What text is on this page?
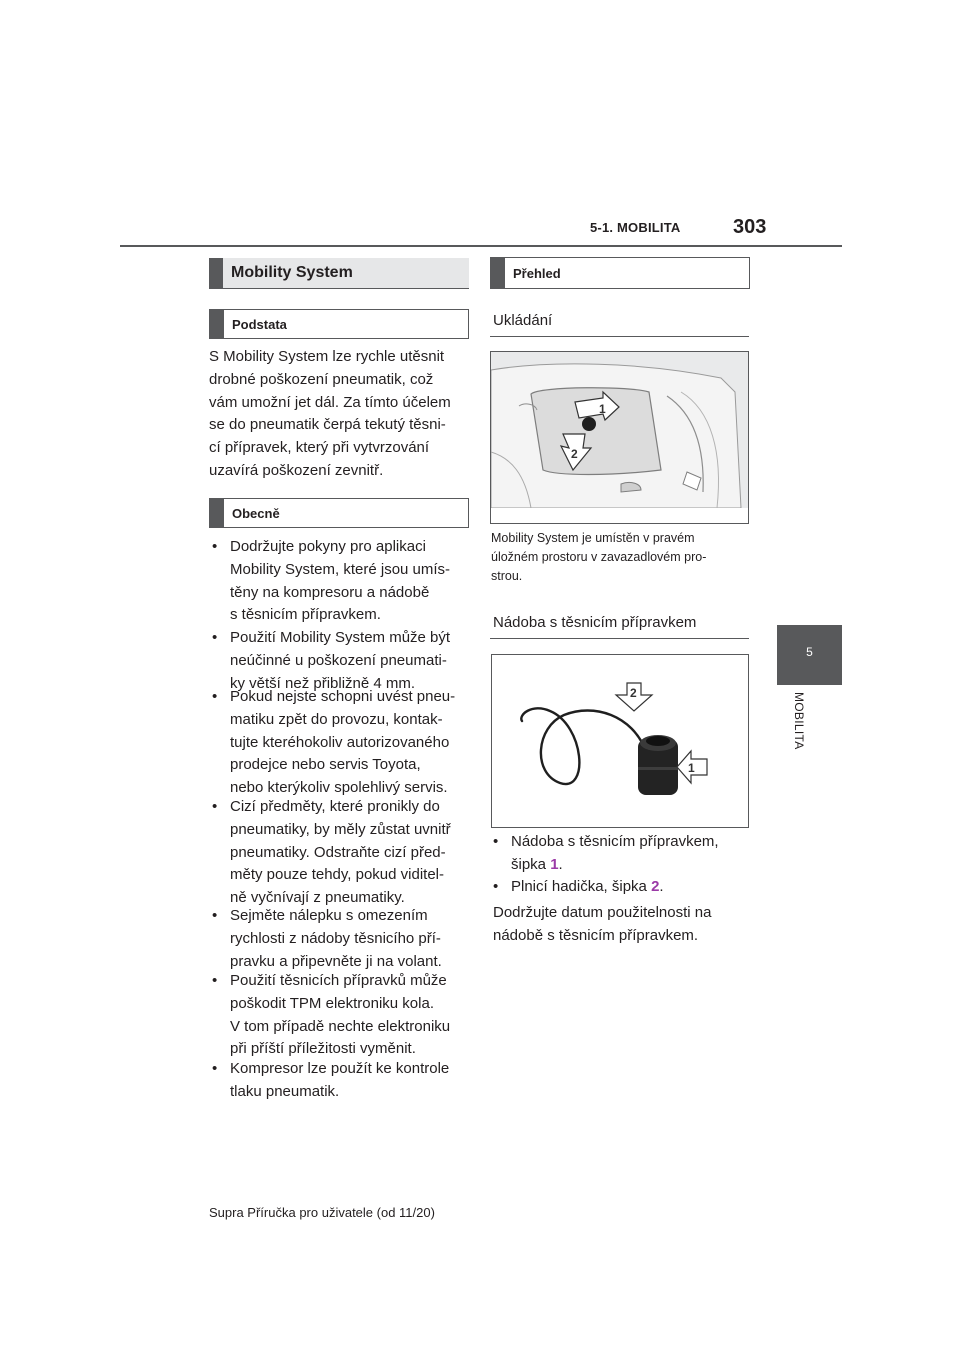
5-1. MOBILITA	303
5
MOBILITA
Mobility System
Podstata
S Mobility System lze rychle utěsnit
drobné poškození pneumatik, což
vám umožní jet dál. Za tímto účelem
se do pneumatik čerpá tekutý těsni-
cí přípravek, který při vytvrzování
uzavírá poškození zevnitř.
Obecně
• Dodržujte pokyny pro aplikaci
Mobility System, které jsou umís-
těny na kompresoru a nádobě
s těsnicím přípravkem.
• Použití Mobility System může být
neúčinné u poškození pneumati-
ky větší než přibližně 4 mm.
• Pokud nejste schopni uvést pneu-
matiku zpět do provozu, kontak-
tujte kteréhokoliv autorizovaného
prodejce nebo servis Toyota,
nebo kterýkoliv spolehlivý servis.
• Cizí předměty, které pronikly do
pneumatiky, by měly zůstat uvnitř
pneumatiky. Odstraňte cizí před-
měty pouze tehdy, pokud viditel-
ně vyčnívají z pneumatiky.
• Sejměte nálepku s omezením
rychlosti z nádoby těsnicího pří-
pravku a připevněte ji na volant.
• Použití těsnicích přípravků může
poškodit TPM elektroniku kola.
V tom případě nechte elektroniku
při příští příležitosti vyměnit.
• Kompresor lze použít ke kontrole
tlaku pneumatik.
Přehled
Ukládání
1
2
Mobility System je umístěn v pravém
úložném prostoru v zavazadlovém pro-
strou.
Nádoba s těsnicím přípravkem
2
1
• Nádoba s těsnicím přípravkem,
šipka 1.
• Plnicí hadička, šipka 2.
Dodržujte datum použitelnosti na
nádobě s těsnicím přípravkem.
Supra Příručka pro uživatele (od 11/20)
